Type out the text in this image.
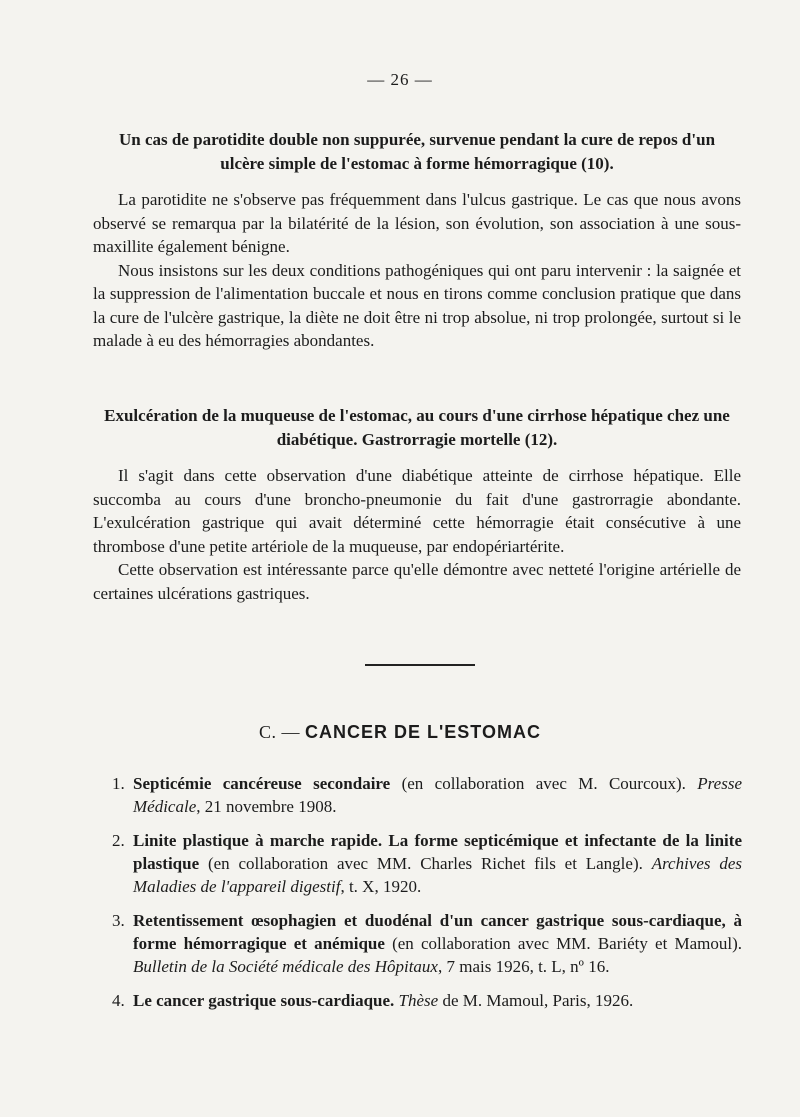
— 26 —

Un cas de parotidite double non suppurée, survenue pendant la cure de repos d'un ulcère simple de l'estomac à forme hémorragique (10).

La parotidite ne s'observe pas fréquemment dans l'ulcus gastrique. Le cas que nous avons observé se remarqua par la bilatérité de la lésion, son évolution, son association à une sous-maxillite également bénigne.

Nous insistons sur les deux conditions pathogéniques qui ont paru intervenir : la saignée et la suppression de l'alimentation buccale et nous en tirons comme conclusion pratique que dans la cure de l'ulcère gastrique, la diète ne doit être ni trop absolue, ni trop prolongée, surtout si le malade à eu des hémorragies abondantes.

Exulcération de la muqueuse de l'estomac, au cours d'une cirrhose hépatique chez une diabétique. Gastrorragie mortelle (12).

Il s'agit dans cette observation d'une diabétique atteinte de cirrhose hépatique. Elle succomba au cours d'une broncho-pneumonie du fait d'une gastrorragie abondante. L'exulcération gastrique qui avait déterminé cette hémorragie était consécutive à une thrombose d'une petite artériole de la muqueuse, par endopériartérite.

Cette observation est intéressante parce qu'elle démontre avec netteté l'origine artérielle de certaines ulcérations gastriques.

C. — CANCER DE L'ESTOMAC
1. Septicémie cancéreuse secondaire (en collaboration avec M. Courcoux). Presse Médicale, 21 novembre 1908.
2. Linite plastique à marche rapide. La forme septicémique et infectante de la linite plastique (en collaboration avec MM. Charles Richet fils et Langle). Archives des Maladies de l'appareil digestif, t. X, 1920.
3. Retentissement œsophagien et duodénal d'un cancer gastrique sous-cardiaque, à forme hémorragique et anémique (en collaboration avec MM. Bariéty et Mamoul). Bulletin de la Société médicale des Hôpitaux, 7 mais 1926, t. L, nº 16.
4. Le cancer gastrique sous-cardiaque. Thèse de M. Mamoul, Paris, 1926.
